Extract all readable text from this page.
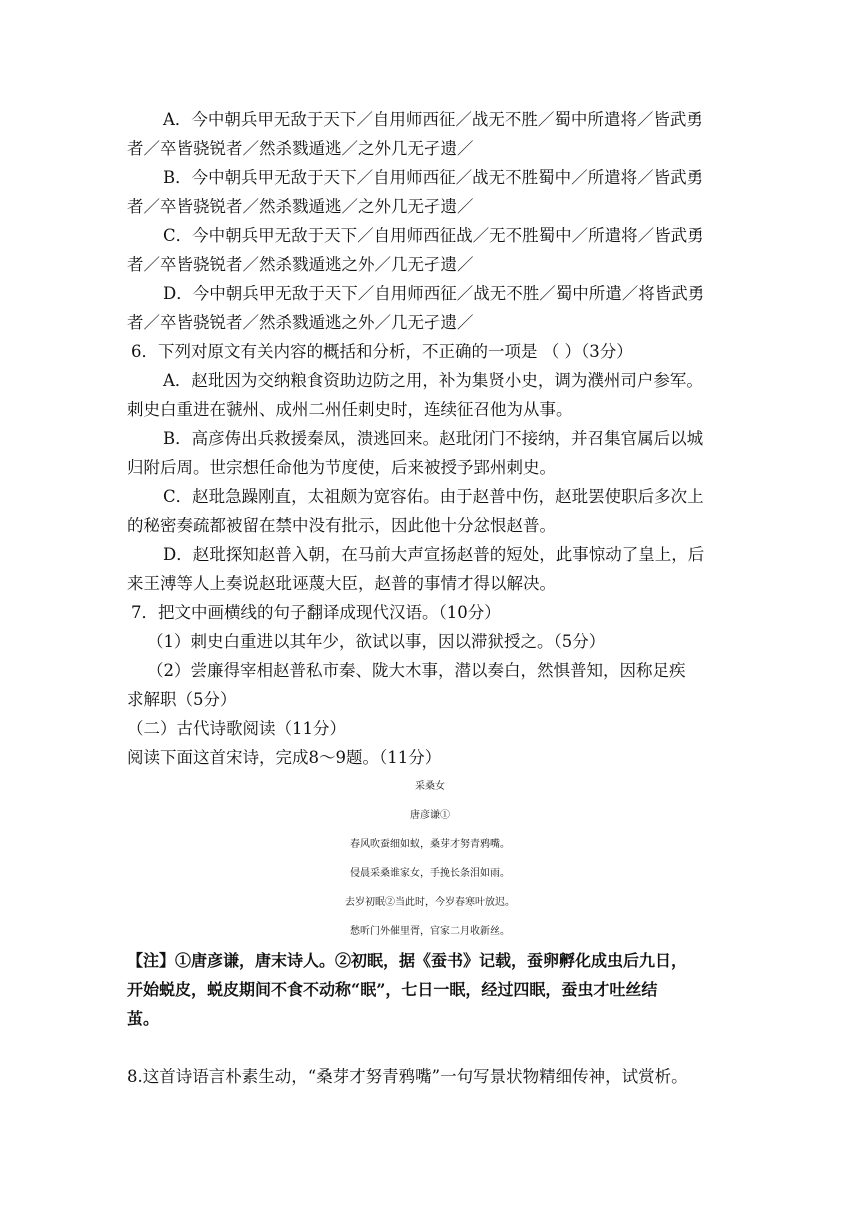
A．今中朝兵甲无敌于天下／自用师西征／战无不胜／蜀中所遣将／皆武勇
者／卒皆骁锐者／然杀戮遁逃／之外几无孑遗／
B．今中朝兵甲无敌于天下／自用师西征／战无不胜蜀中／所遣将／皆武勇
者／卒皆骁锐者／然杀戮遁逃／之外几无孑遗／
C．今中朝兵甲无敌于天下／自用师西征战／无不胜蜀中／所遣将／皆武勇
者／卒皆骁锐者／然杀戮遁逃之外／几无孑遗／
D．今中朝兵甲无敌于天下／自用师西征／战无不胜／蜀中所遣／将皆武勇
者／卒皆骁锐者／然杀戮遁逃之外／几无孑遗／
6．下列对原文有关内容的概括和分析，不正确的一项是 （ ）（3分）
A．赵玭因为交纳粮食资助边防之用，补为集贤小史，调为濮州司户参军。
刺史白重进在虢州、成州二州任刺史时，连续征召他为从事。
B．高彦俦出兵救援秦凤，溃逃回来。赵玭闭门不接纳，并召集官属后以城
归附后周。世宗想任命他为节度使，后来被授予郢州刺史。
C．赵玭急躁刚直，太祖颇为宽容佑。由于赵普中伤，赵玭罢使职后多次上
的秘密奏疏都被留在禁中没有批示，因此他十分忿恨赵普。
D．赵玭探知赵普入朝，在马前大声宣扬赵普的短处，此事惊动了皇上，后
来王溥等人上奏说赵玭诬蔑大臣，赵普的事情才得以解决。
7．把文中画横线的句子翻译成现代汉语。（10分）
（1）刺史白重进以其年少，欲试以事，因以滞狱授之。（5分）
（2）尝廉得宰相赵普私市秦、陇大木事，潜以奏白，然惧普知，因称足疾
求解职（5分）
（二）古代诗歌阅读（11分）
阅读下面这首宋诗，完成8～9题。（11分）
采桑女
唐彦谦①
春风吹蚕细如蚁，桑芽才努青鸦嘴。
侵晨采桑谁家女，手挽长条泪如雨。
去岁初眠②当此时，今岁春寒叶放迟。
愁听门外催里胥，官家二月收新丝。
【注】①唐彦谦，唐末诗人。②初眠，据《蚕书》记载，蚕卵孵化成虫后九日，
开始蜕皮，蜕皮期间不食不动称“眠”，七日一眠，经过四眠，蚕虫才吐丝结
茧。
8.这首诗语言朴素生动，“桑芽才努青鸦嘴”一句写景状物精细传神，试赏析。
